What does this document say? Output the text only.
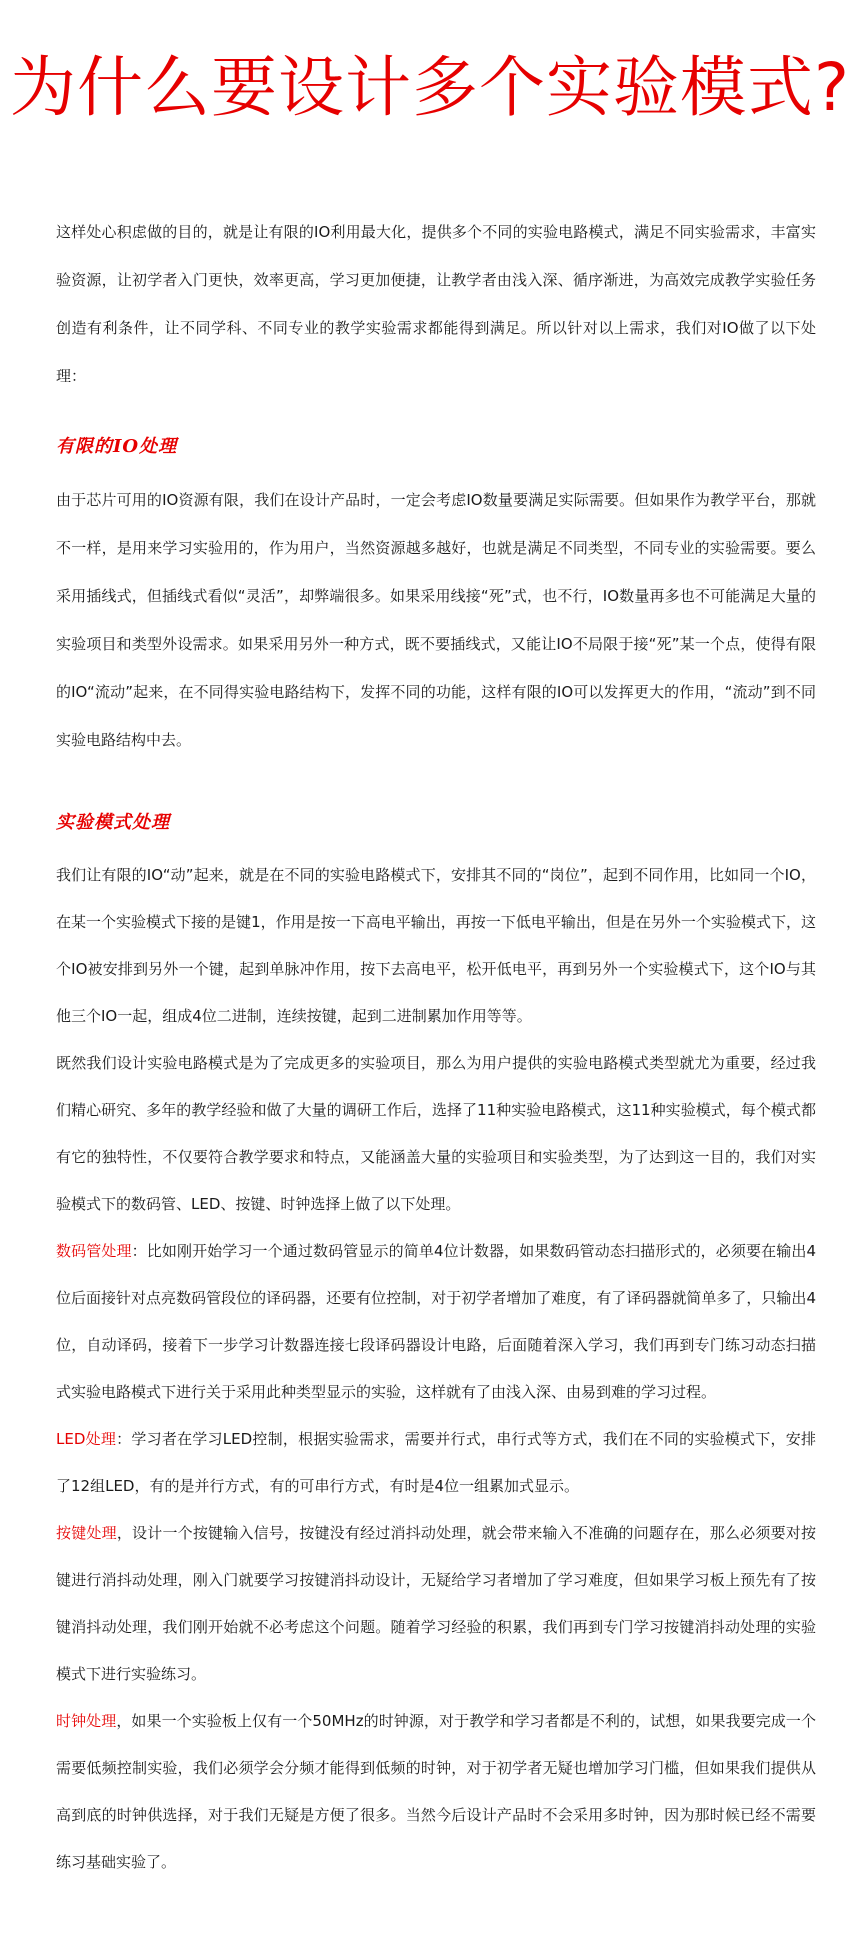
为什么要设计多个实验模式?

这样处心积虑做的目的，就是让有限的IO利用最大化，提供多个不同的实验电路模式，满足不同实验需求，丰富实验资源，让初学者入门更快，效率更高，学习更加便捷，让教学者由浅入深、循序渐进，为高效完成教学实验任务创造有利条件，让不同学科、不同专业的教学实验需求都能得到满足。所以针对以上需求，我们对IO做了以下处理：

有限的IO处理

由于芯片可用的IO资源有限，我们在设计产品时，一定会考虑IO数量要满足实际需要。但如果作为教学平台，那就不一样，是用来学习实验用的，作为用户，当然资源越多越好，也就是满足不同类型，不同专业的实验需要。要么采用插线式，但插线式看似“灵活”，却弊端很多。如果采用线接“死”式，也不行，IO数量再多也不可能满足大量的实验项目和类型外设需求。如果采用另外一种方式，既不要插线式，又能让IO不局限于接“死”某一个点，使得有限的IO“流动”起来，在不同得实验电路结构下，发挥不同的功能，这样有限的IO可以发挥更大的作用，“流动”到不同实验电路结构中去。

实验模式处理

我们让有限的IO“动”起来，就是在不同的实验电路模式下，安排其不同的“岗位”，起到不同作用，比如同一个IO，在某一个实验模式下接的是键1，作用是按一下高电平输出，再按一下低电平输出，但是在另外一个实验模式下，这个IO被安排到另外一个键，起到单脉冲作用，按下去高电平，松开低电平，再到另外一个实验模式下，这个IO与其他三个IO一起，组成4位二进制，连续按键，起到二进制累加作用等等。

既然我们设计实验电路模式是为了完成更多的实验项目，那么为用户提供的实验电路模式类型就尤为重要，经过我们精心研究、多年的教学经验和做了大量的调研工作后，选择了11种实验电路模式，这11种实验模式，每个模式都有它的独特性，不仅要符合教学要求和特点，又能涵盖大量的实验项目和实验类型，为了达到这一目的，我们对实验模式下的数码管、LED、按键、时钟选择上做了以下处理。

数码管处理：比如刚开始学习一个通过数码管显示的简单4位计数器，如果数码管动态扫描形式的，必须要在输出4位后面接针对点亮数码管段位的译码器，还要有位控制，对于初学者增加了难度，有了译码器就简单多了，只输出4位，自动译码，接着下一步学习计数器连接七段译码器设计电路，后面随着深入学习，我们再到专门练习动态扫描式实验电路模式下进行关于采用此种类型显示的实验，这样就有了由浅入深、由易到难的学习过程。

LED处理：学习者在学习LED控制，根据实验需求，需要并行式，串行式等方式，我们在不同的实验模式下，安排了12组LED，有的是并行方式，有的可串行方式，有时是4位一组累加式显示。

按键处理，设计一个按键输入信号，按键没有经过消抖动处理，就会带来输入不准确的问题存在，那么必须要对按键进行消抖动处理，刚入门就要学习按键消抖动设计，无疑给学习者增加了学习难度，但如果学习板上预先有了按键消抖动处理，我们刚开始就不必考虑这个问题。随着学习经验的积累，我们再到专门学习按键消抖动处理的实验模式下进行实验练习。

时钟处理，如果一个实验板上仅有一个50MHz的时钟源，对于教学和学习者都是不利的，试想，如果我要完成一个需要低频控制实验，我们必须学会分频才能得到低频的时钟，对于初学者无疑也增加学习门槛，但如果我们提供从高到底的时钟供选择，对于我们无疑是方便了很多。当然今后设计产品时不会采用多时钟，因为那时候已经不需要练习基础实验了。
